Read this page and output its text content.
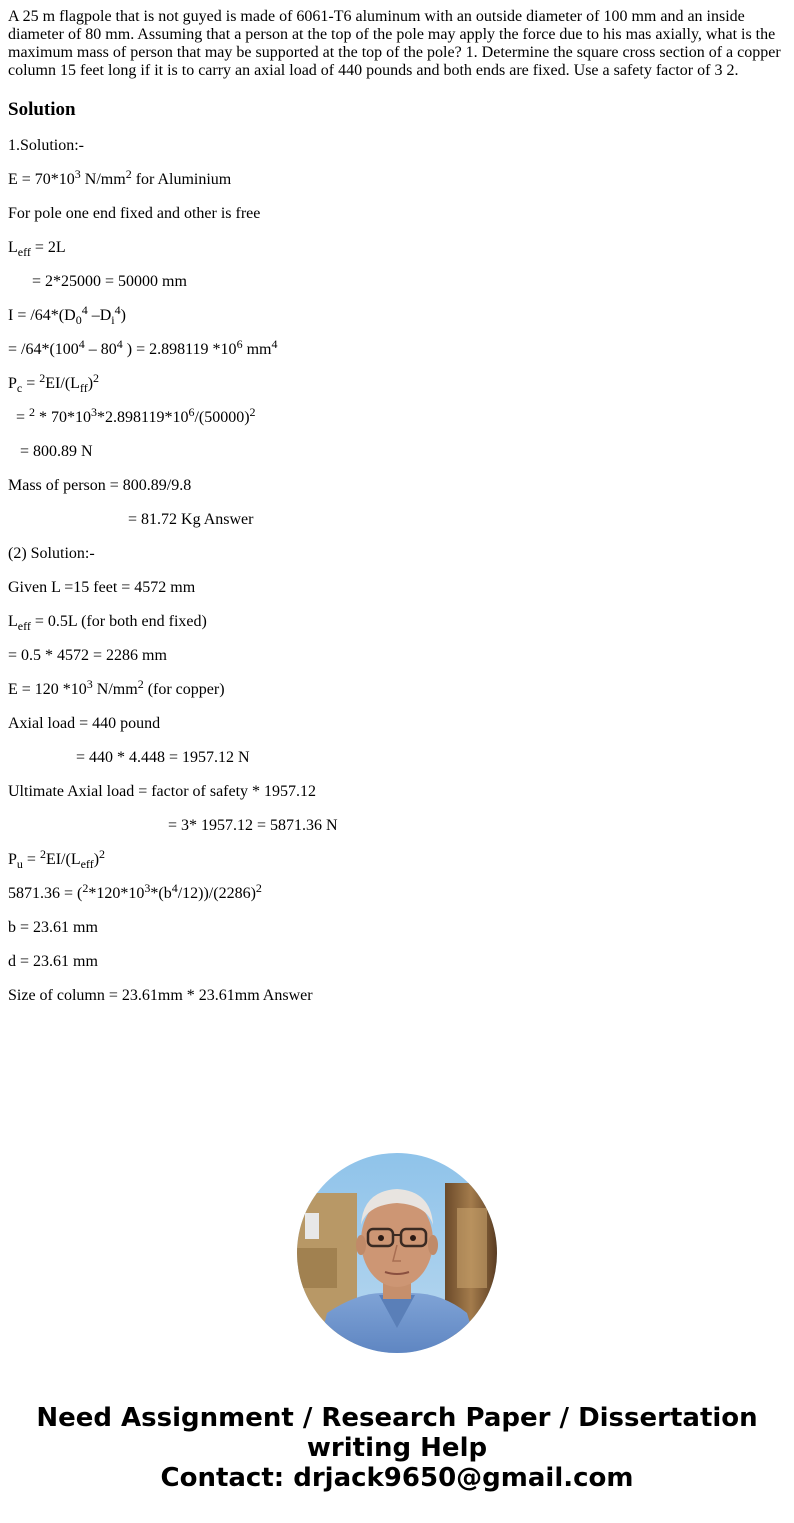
A 25 m flagpole that is not guyed is made of 6061-T6 aluminum with an outside diameter of 100 mm and an inside diameter of 80 mm. Assuming that a person at the top of the pole may apply the force due to his mas axially, what is the maximum mass of person that may be supported at the top of the pole? 1. Determine the square cross section of a copper column 15 feet long if it is to carry an axial load of 440 pounds and both ends are fixed. Use a safety factor of 3 2.

Solution

1.Solution:-

$E = 70*10^3$ $N/mm^2$ for Aluminium

For pole one end fixed and other is free

$L_{eff} = 2L$

= 2*25000 = 50000 mm

$I = /64*(D_0^4$ $-D_i^4$)

= $/64*(100^4 - 80^4$ ) = 2.898119 $*10^6$ $mm^4$

$P_c = ^2EI/(L_{ff})^2$

= $^2 * 70*10^3*2.898119*10^6/(50000)^2$

= 800.89 N

Mass of person = 800.89/9.8

= 81.72 Kg Answer

(2) Solution:-

Given L =15 feet = 4572 mm

$L_{eff} = 0.5L$ (for both end fixed)

= 0.5 * 4572 = 2286 mm

E = 120 $*10^3$ $N/mm^2$ (for copper)

Axial load = 440 pound

= 440 * 4.448 = 1957.12 N

Ultimate Axial load = factor of safety * 1957.12

= 3* 1957.12 = 5871.36 N

$P_u = ^2EI/(L_{eff})^2$

$5871.36 = (^2*120*10^3*(b^4/12))/(2286)^2$

b = 23.61 mm

d = 23.61 mm

Size of column = 23.61mm * 23.61mm Answer

Need Assignment / Research Paper / Dissertation
writing Help
Contact: drjack9650@gmail.com
